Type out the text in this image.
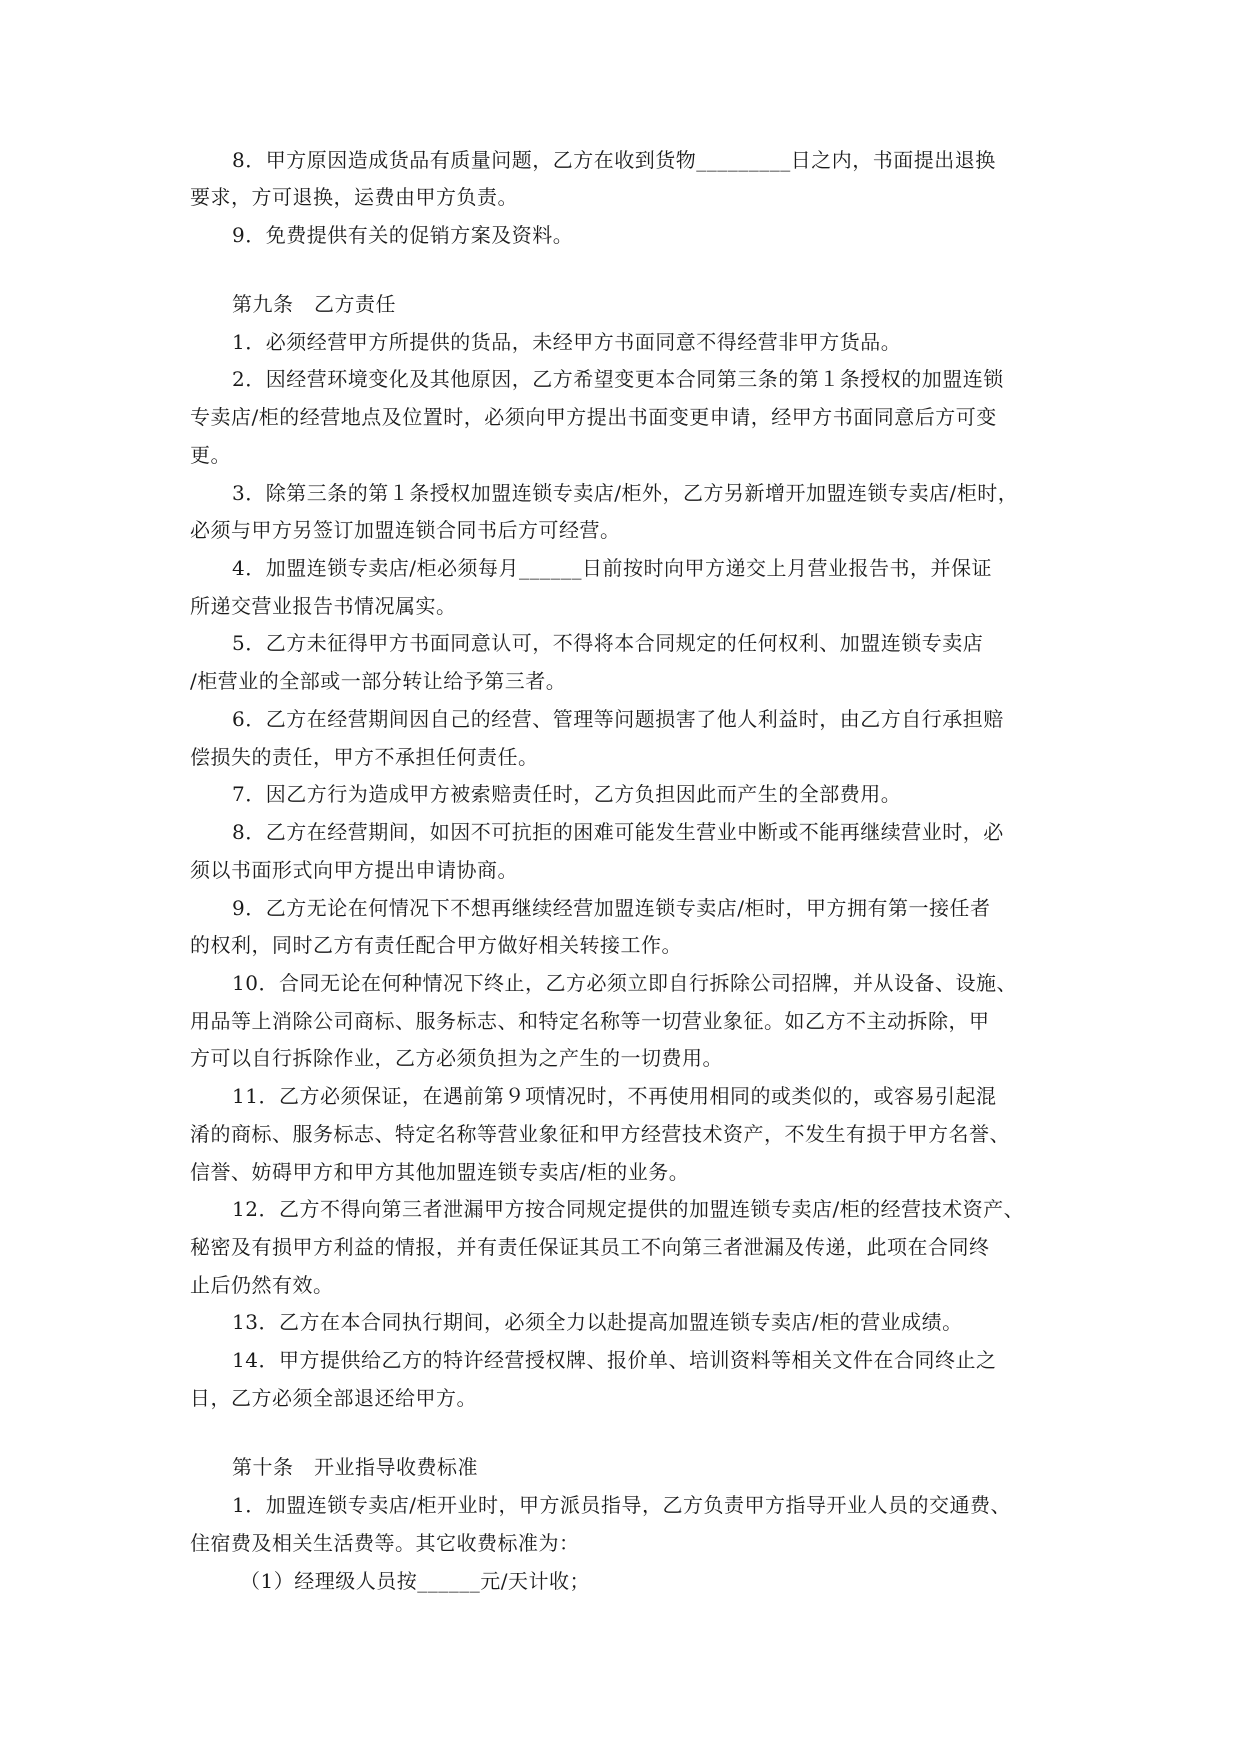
8．甲方原因造成货品有质量问题，乙方在收到货物_________日之内，书面提出退换
要求，方可退换，运费由甲方负责。
9．免费提供有关的促销方案及资料。
第九条　乙方责任
1．必须经营甲方所提供的货品，未经甲方书面同意不得经营非甲方货品。
2．因经营环境变化及其他原因，乙方希望变更本合同第三条的第１条授权的加盟连锁
专卖店/柜的经营地点及位置时，必须向甲方提出书面变更申请，经甲方书面同意后方可变
更。
3．除第三条的第１条授权加盟连锁专卖店/柜外，乙方另新增开加盟连锁专卖店/柜时，
必须与甲方另签订加盟连锁合同书后方可经营。
4．加盟连锁专卖店/柜必须每月______日前按时向甲方递交上月营业报告书，并保证
所递交营业报告书情况属实。
5．乙方未征得甲方书面同意认可，不得将本合同规定的任何权利、加盟连锁专卖店
/柜营业的全部或一部分转让给予第三者。
6．乙方在经营期间因自己的经营、管理等问题损害了他人利益时，由乙方自行承担赔
偿损失的责任，甲方不承担任何责任。
7．因乙方行为造成甲方被索赔责任时，乙方负担因此而产生的全部费用。
8．乙方在经营期间，如因不可抗拒的困难可能发生营业中断或不能再继续营业时，必
须以书面形式向甲方提出申请协商。
9．乙方无论在何情况下不想再继续经营加盟连锁专卖店/柜时，甲方拥有第一接任者
的权利，同时乙方有责任配合甲方做好相关转接工作。
10．合同无论在何种情况下终止，乙方必须立即自行拆除公司招牌，并从设备、设施、
用品等上消除公司商标、服务标志、和特定名称等一切营业象征。如乙方不主动拆除，甲
方可以自行拆除作业，乙方必须负担为之产生的一切费用。
11．乙方必须保证，在遇前第９项情况时，不再使用相同的或类似的，或容易引起混
淆的商标、服务标志、特定名称等营业象征和甲方经营技术资产，不发生有损于甲方名誉、
信誉、妨碍甲方和甲方其他加盟连锁专卖店/柜的业务。
12．乙方不得向第三者泄漏甲方按合同规定提供的加盟连锁专卖店/柜的经营技术资产、
秘密及有损甲方利益的情报，并有责任保证其员工不向第三者泄漏及传递，此项在合同终
止后仍然有效。
13．乙方在本合同执行期间，必须全力以赴提高加盟连锁专卖店/柜的营业成绩。
14．甲方提供给乙方的特许经营授权牌、报价单、培训资料等相关文件在合同终止之
日，乙方必须全部退还给甲方。
第十条　开业指导收费标准
1．加盟连锁专卖店/柜开业时，甲方派员指导，乙方负责甲方指导开业人员的交通费、
住宿费及相关生活费等。其它收费标准为：
（1）经理级人员按______元/天计收；
